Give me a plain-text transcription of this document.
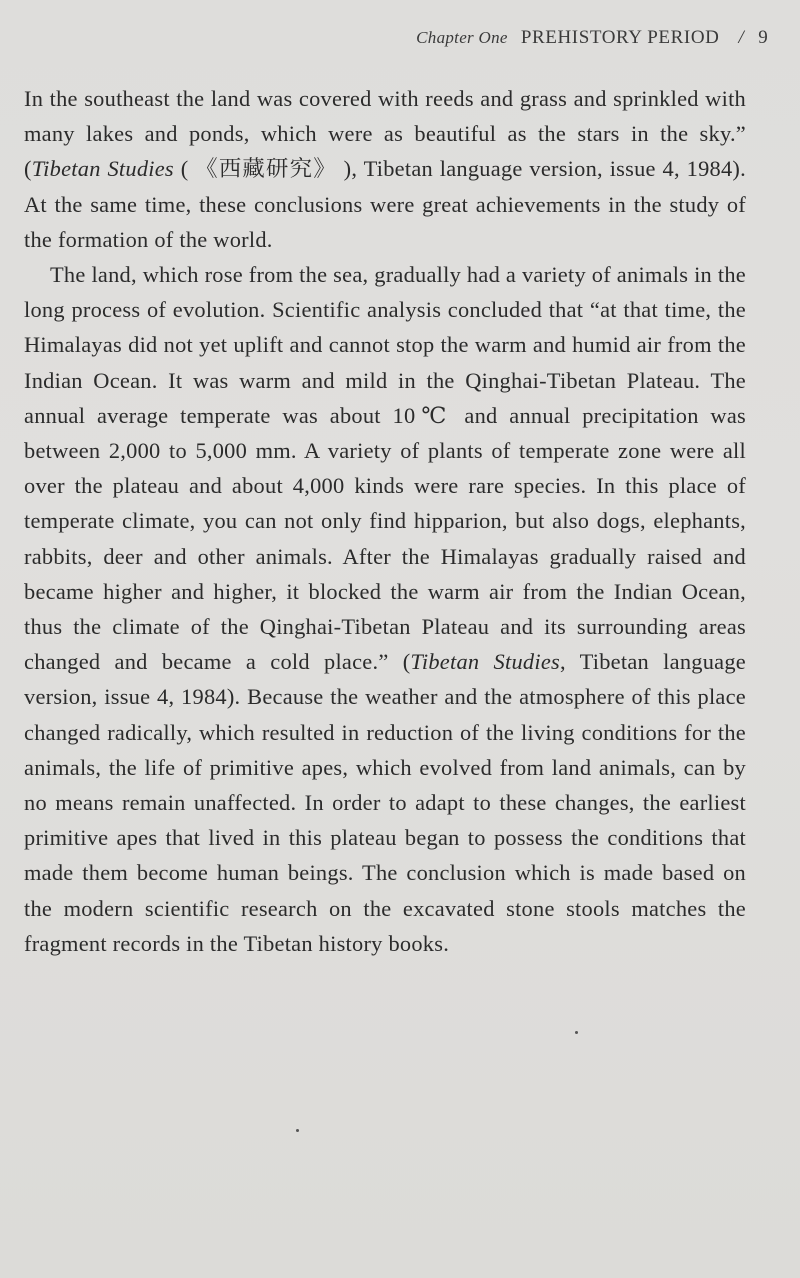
Chapter One PREHISTORY PERIOD / 9

In the southeast the land was covered with reeds and grass and sprinkled with many lakes and ponds, which were as beautiful as the stars in the sky.” (Tibetan Studies ( 《西藏研究》 ), Tibetan language version, issue 4, 1984). At the same time, these conclusions were great achievements in the study of the formation of the world.

The land, which rose from the sea, gradually had a variety of animals in the long process of evolution. Scientific analysis concluded that “at that time, the Himalayas did not yet uplift and cannot stop the warm and humid air from the Indian Ocean. It was warm and mild in the Qinghai-Tibetan Plateau. The annual average temperate was about 10℃ and annual precipitation was between 2,000 to 5,000 mm. A variety of plants of temperate zone were all over the plateau and about 4,000 kinds were rare species. In this place of temperate climate, you can not only find hipparion, but also dogs, elephants, rabbits, deer and other animals. After the Himalayas gradually raised and became higher and higher, it blocked the warm air from the Indian Ocean, thus the climate of the Qinghai-Tibetan Plateau and its surrounding areas changed and became a cold place.” (Tibetan Studies, Tibetan language version, issue 4, 1984). Because the weather and the atmosphere of this place changed radically, which resulted in reduction of the living conditions for the animals, the life of primitive apes, which evolved from land animals, can by no means remain unaffected. In order to adapt to these changes, the earliest primitive apes that lived in this plateau began to possess the conditions that made them become human beings. The conclusion which is made based on the modern scientific research on the excavated stone stools matches the fragment records in the Tibetan history books.
